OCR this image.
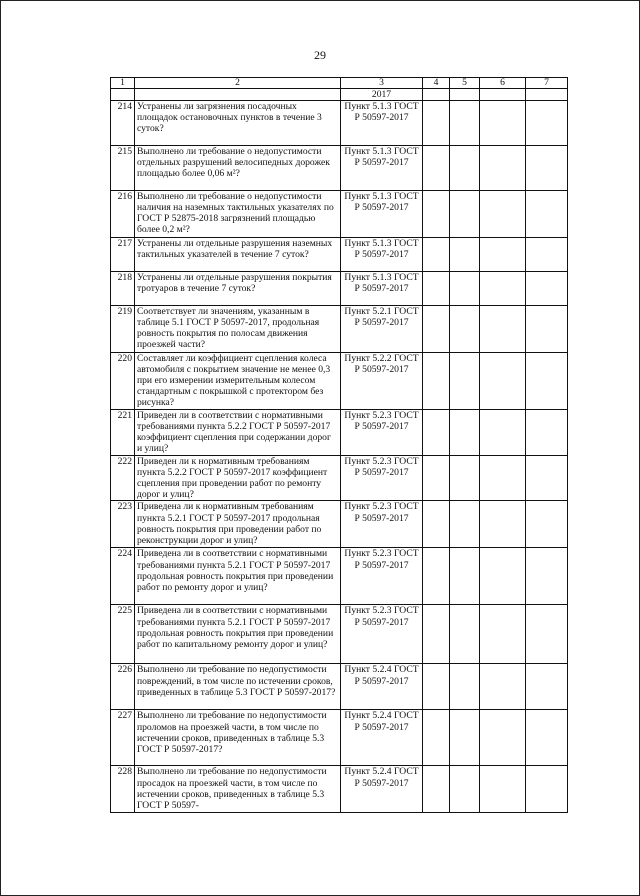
29
1	2	3	4	5	6	7
		2017				
214	Устранены ли загрязнения посадочных площадок остановочных пунктов в течение 3 суток?	Пункт 5.1.3 ГОСТ Р 50597-2017				
215	Выполнено ли требование о недопустимости отдельных разрушений велосипедных дорожек площадью более 0,06 м²?	Пункт 5.1.3 ГОСТ Р 50597-2017				
216	Выполнено ли требование о недопустимости наличия на наземных тактильных указателях по ГОСТ Р 52875-2018 загрязнений площадью более 0,2 м²?	Пункт 5.1.3 ГОСТ Р 50597-2017				
217	Устранены ли отдельные разрушения наземных тактильных указателей в течение 7 суток?	Пункт 5.1.3 ГОСТ Р 50597-2017				
218	Устранены ли отдельные разрушения покрытия тротуаров в течение 7 суток?	Пункт 5.1.3 ГОСТ Р 50597-2017				
219	Соответствует ли значениям, указанным в таблице 5.1 ГОСТ Р 50597-2017, продольная ровность покрытия по полосам движения проезжей части?	Пункт 5.2.1 ГОСТ Р 50597-2017				
220	Составляет ли коэффициент сцепления колеса автомобиля с покрытием значение не менее 0,3 при его измерении измерительным колесом стандартным с покрышкой с протектором без рисунка?	Пункт 5.2.2 ГОСТ Р 50597-2017				
221	Приведен ли в соответствии с нормативными требованиями пункта 5.2.2 ГОСТ Р 50597-2017 коэффициент сцепления при содержании дорог и улиц?	Пункт 5.2.3 ГОСТ Р 50597-2017				
222	Приведен ли к нормативным требованиям пункта 5.2.2 ГОСТ Р 50597-2017 коэффициент сцепления при проведении работ по ремонту дорог и улиц?	Пункт 5.2.3 ГОСТ Р 50597-2017				
223	Приведена ли к нормативным требованиям пункта 5.2.1 ГОСТ Р 50597-2017 продольная ровность покрытия при проведении работ по реконструкции дорог и улиц?	Пункт 5.2.3 ГОСТ Р 50597-2017				
224	Приведена ли в соответствии с нормативными требованиями пункта 5.2.1 ГОСТ Р 50597-2017 продольная ровность покрытия при проведении работ по ремонту дорог и улиц?	Пункт 5.2.3 ГОСТ Р 50597-2017				
225	Приведена ли в соответствии с нормативными требованиями пункта 5.2.1 ГОСТ Р 50597-2017 продольная ровность покрытия при проведении работ по капитальному ремонту дорог и улиц?	Пункт 5.2.3 ГОСТ Р 50597-2017				
226	Выполнено ли требование по недопустимости повреждений, в том числе по истечении сроков, приведенных в таблице 5.3 ГОСТ Р 50597-2017?	Пункт 5.2.4 ГОСТ Р 50597-2017				
227	Выполнено ли требование по недопустимости проломов на проезжей части, в том числе по истечении сроков, приведенных в таблице 5.3 ГОСТ Р 50597-2017?	Пункт 5.2.4 ГОСТ Р 50597-2017				
228	Выполнено ли требование по недопустимости просадок на проезжей части, в том числе по истечении сроков, приведенных в таблице 5.3 ГОСТ Р 50597-	Пункт 5.2.4 ГОСТ Р 50597-2017				
